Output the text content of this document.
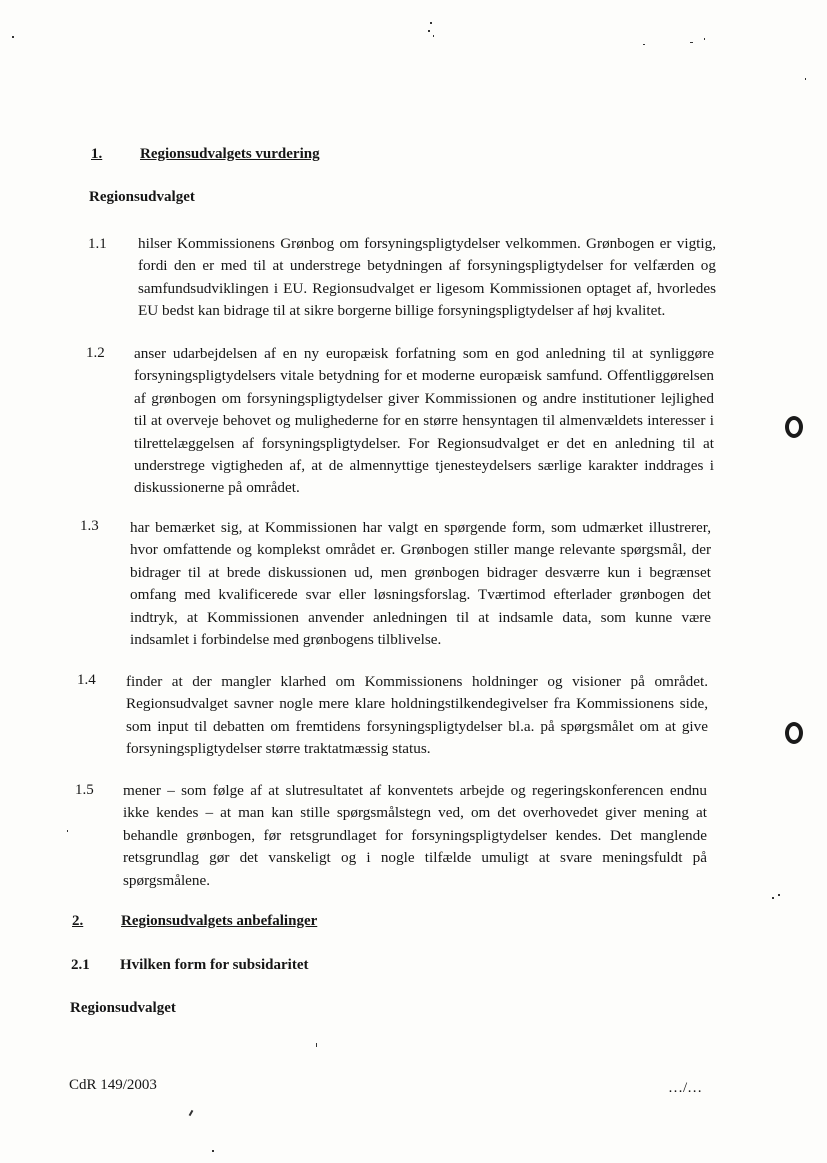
1.	Regionsudvalgets vurdering
Regionsudvalget
1.1 hilser Kommissionens Grønbog om forsyningspligtydelser velkommen. Grønbogen er vigtig, fordi den er med til at understrege betydningen af forsyningspligtydelser for velfærden og samfundsudviklingen i EU. Regionsudvalget er ligesom Kommissionen optaget af, hvorledes EU bedst kan bidrage til at sikre borgerne billige forsyningspligtydelser af høj kvalitet.
1.2 anser udarbejdelsen af en ny europæisk forfatning som en god anledning til at synliggøre forsyningspligtydelsers vitale betydning for et moderne europæisk samfund. Offentliggørelsen af grønbogen om forsyningspligtydelser giver Kommissionen og andre institutioner lejlighed til at overveje behovet og mulighederne for en større hensyntagen til almenvældets interesser i tilrettelæggelsen af forsyningspligtydelser. For Regionsudvalget er det en anledning til at understrege vigtigheden af, at de almennyttige tjenesteydelsers særlige karakter inddrages i diskussionerne på området.
1.3 har bemærket sig, at Kommissionen har valgt en spørgende form, som udmærket illustrerer, hvor omfattende og komplekst området er. Grønbogen stiller mange relevante spørgsmål, der bidrager til at brede diskussionen ud, men grønbogen bidrager desværre kun i begrænset omfang med kvalificerede svar eller løsningsforslag. Tværtimod efterlader grønbogen det indtryk, at Kommissionen anvender anledningen til at indsamle data, som kunne være indsamlet i forbindelse med grønbogens tilblivelse.
1.4 finder at der mangler klarhed om Kommissionens holdninger og visioner på området. Regionsudvalget savner nogle mere klare holdningstilkendegivelser fra Kommissionens side, som input til debatten om fremtidens forsyningspligtydelser bl.a. på spørgsmålet om at give forsyningspligtydelser større traktatmæssig status.
1.5 mener – som følge af at slutresultatet af konventets arbejde og regeringskonferencen endnu ikke kendes – at man kan stille spørgsmålstegn ved, om det overhovedet giver mening at behandle grønbogen, før retsgrundlaget for forsyningspligtydelser kendes. Det manglende retsgrundlag gør det vanskeligt og i nogle tilfælde umuligt at svare meningsfuldt på spørgsmålene.
2.	Regionsudvalgets anbefalinger
2.1 Hvilken form for subsidaritet
Regionsudvalget
CdR 149/2003	…/…
